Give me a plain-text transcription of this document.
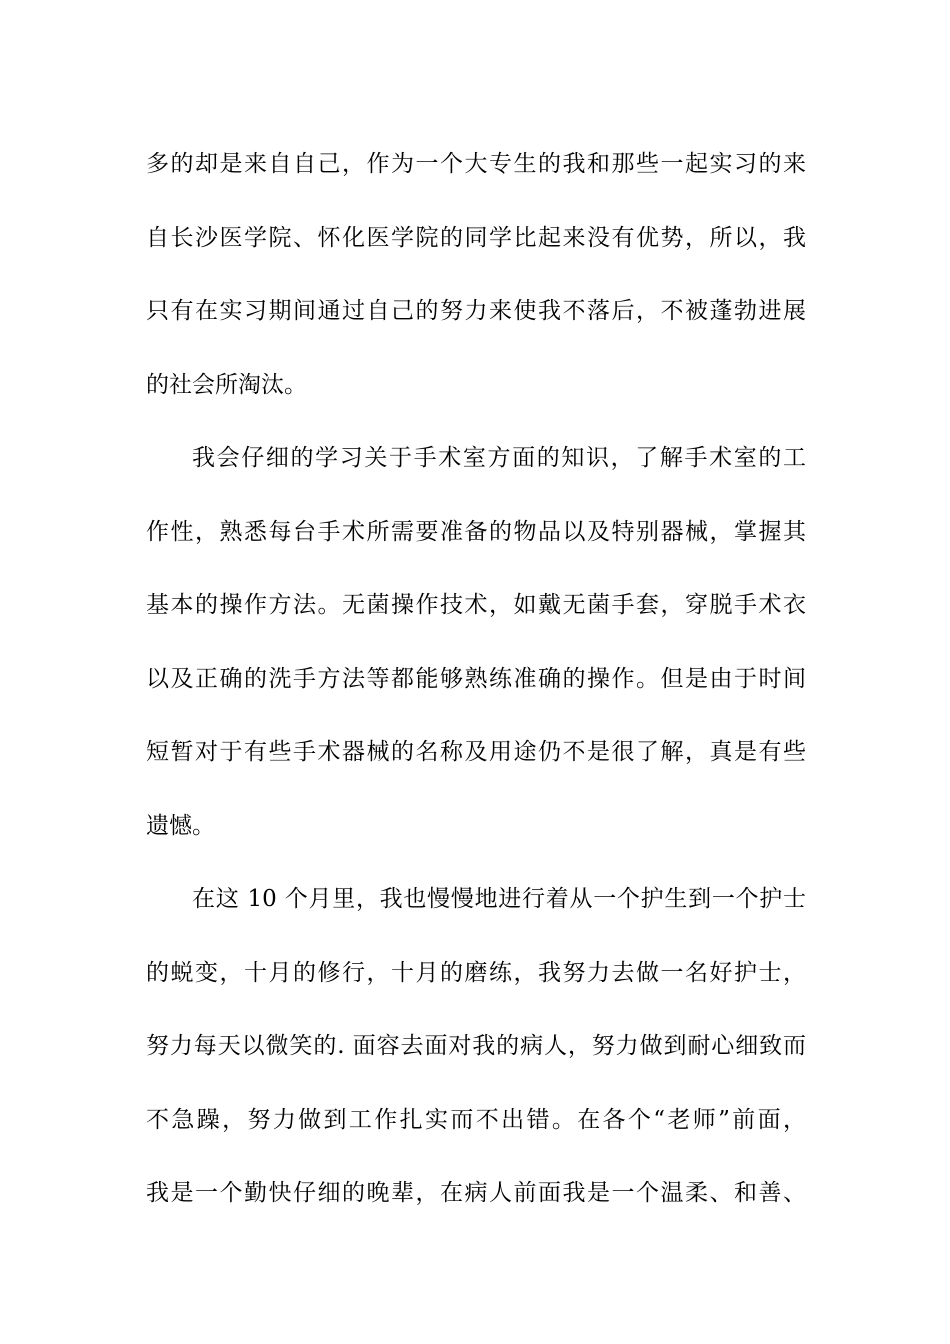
多的却是来自自己，作为一个大专生的我和那些一起实习的来
自长沙医学院、怀化医学院的同学比起来没有优势，所以，我
只有在实习期间通过自己的努力来使我不落后，不被蓬勃进展
的社会所淘汰。
我会仔细的学习关于手术室方面的知识，了解手术室的工
作性，熟悉每台手术所需要准备的物品以及特别器械，掌握其
基本的操作方法。无菌操作技术，如戴无菌手套，穿脱手术衣
以及正确的洗手方法等都能够熟练准确的操作。但是由于时间
短暂对于有些手术器械的名称及用途仍不是很了解，真是有些
遗憾。
在这 10 个月里，我也慢慢地进行着从一个护生到一个护士
的蜕变，十月的修行，十月的磨练，我努力去做一名好护士，
努力每天以微笑的. 面容去面对我的病人，努力做到耐心细致而
不急躁，努力做到工作扎实而不出错。在各个“老师”前面，
我是一个勤快仔细的晚辈，在病人前面我是一个温柔、和善、
